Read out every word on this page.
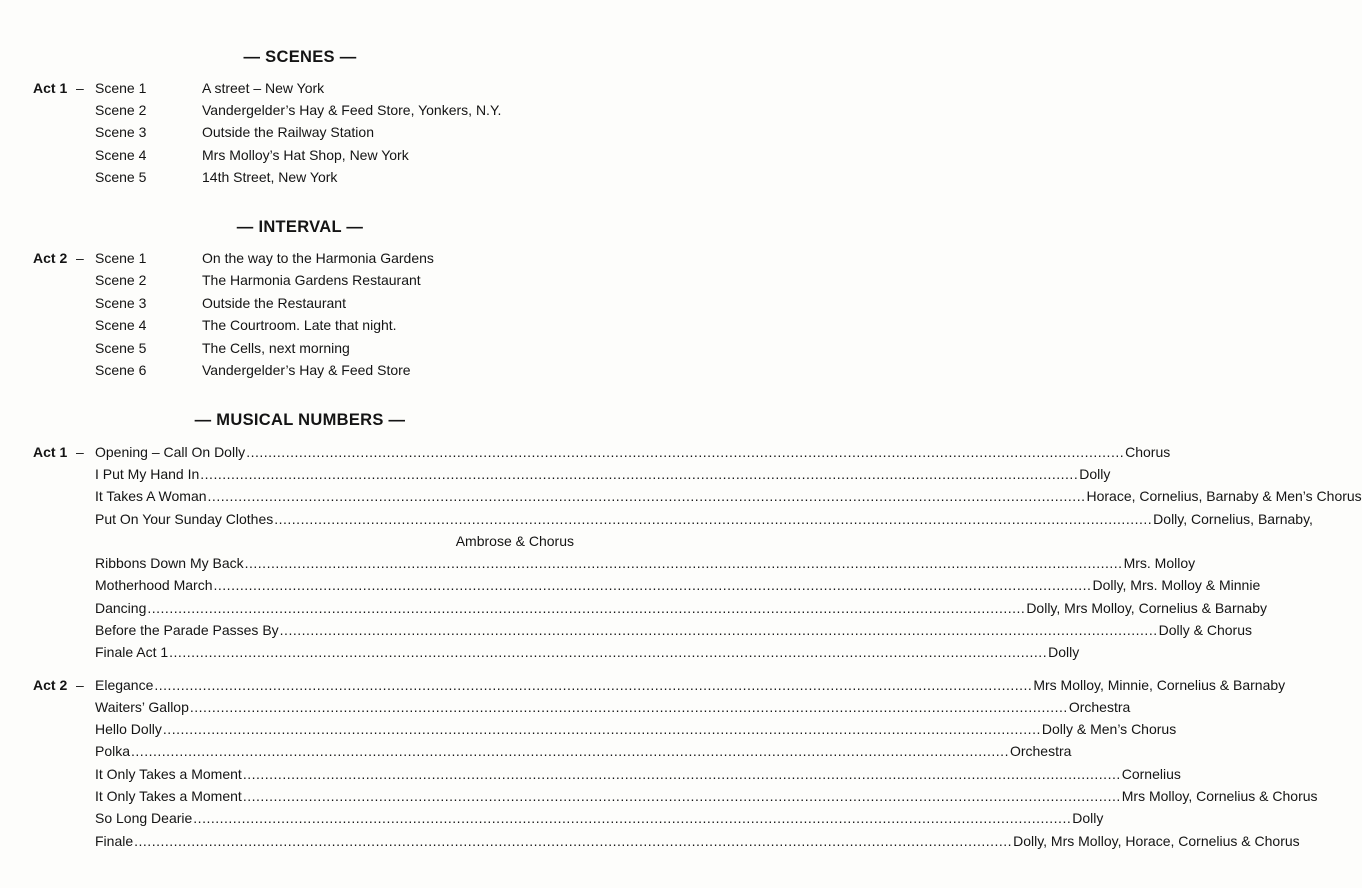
— SCENES —
Act 1 – Scene 1	A street – New York
Scene 2	Vandergelder’s Hay & Feed Store, Yonkers, N.Y.
Scene 3	Outside the Railway Station
Scene 4	Mrs Molloy’s Hat Shop, New York
Scene 5	14th Street, New York
— INTERVAL —
Act 2 – Scene 1	On the way to the Harmonia Gardens
Scene 2	The Harmonia Gardens Restaurant
Scene 3	Outside the Restaurant
Scene 4	The Courtroom. Late that night.
Scene 5	The Cells, next morning
Scene 6	Vandergelder’s Hay & Feed Store
— MUSICAL NUMBERS —
Act 1 – Opening – Call On Dolly ........................................................................................................................................................................................................ Chorus
I Put My Hand In ........................................................................................................................................................................................................ Dolly
It Takes A Woman ........................................................................................................................................................................................................ Horace, Cornelius, Barnaby & Men’s Chorus
Put On Your Sunday Clothes ........................................................................................................................................................................................................ Dolly, Cornelius, Barnaby,
Ambrose & Chorus
Ribbons Down My Back ........................................................................................................................................................................................................ Mrs. Molloy
Motherhood March ........................................................................................................................................................................................................ Dolly, Mrs. Molloy & Minnie
Dancing ........................................................................................................................................................................................................ Dolly, Mrs Molloy, Cornelius & Barnaby
Before the Parade Passes By ........................................................................................................................................................................................................ Dolly & Chorus
Finale Act 1 ........................................................................................................................................................................................................ Dolly
Act 2 – Elegance ........................................................................................................................................................................................................ Mrs Molloy, Minnie, Cornelius & Barnaby
Waiters’ Gallop ........................................................................................................................................................................................................ Orchestra
Hello Dolly ........................................................................................................................................................................................................ Dolly & Men’s Chorus
Polka ........................................................................................................................................................................................................ Orchestra
It Only Takes a Moment ........................................................................................................................................................................................................ Cornelius
It Only Takes a Moment ........................................................................................................................................................................................................ Mrs Molloy, Cornelius & Chorus
So Long Dearie ........................................................................................................................................................................................................ Dolly
Finale ........................................................................................................................................................................................................ Dolly, Mrs Molloy, Horace, Cornelius & Chorus
